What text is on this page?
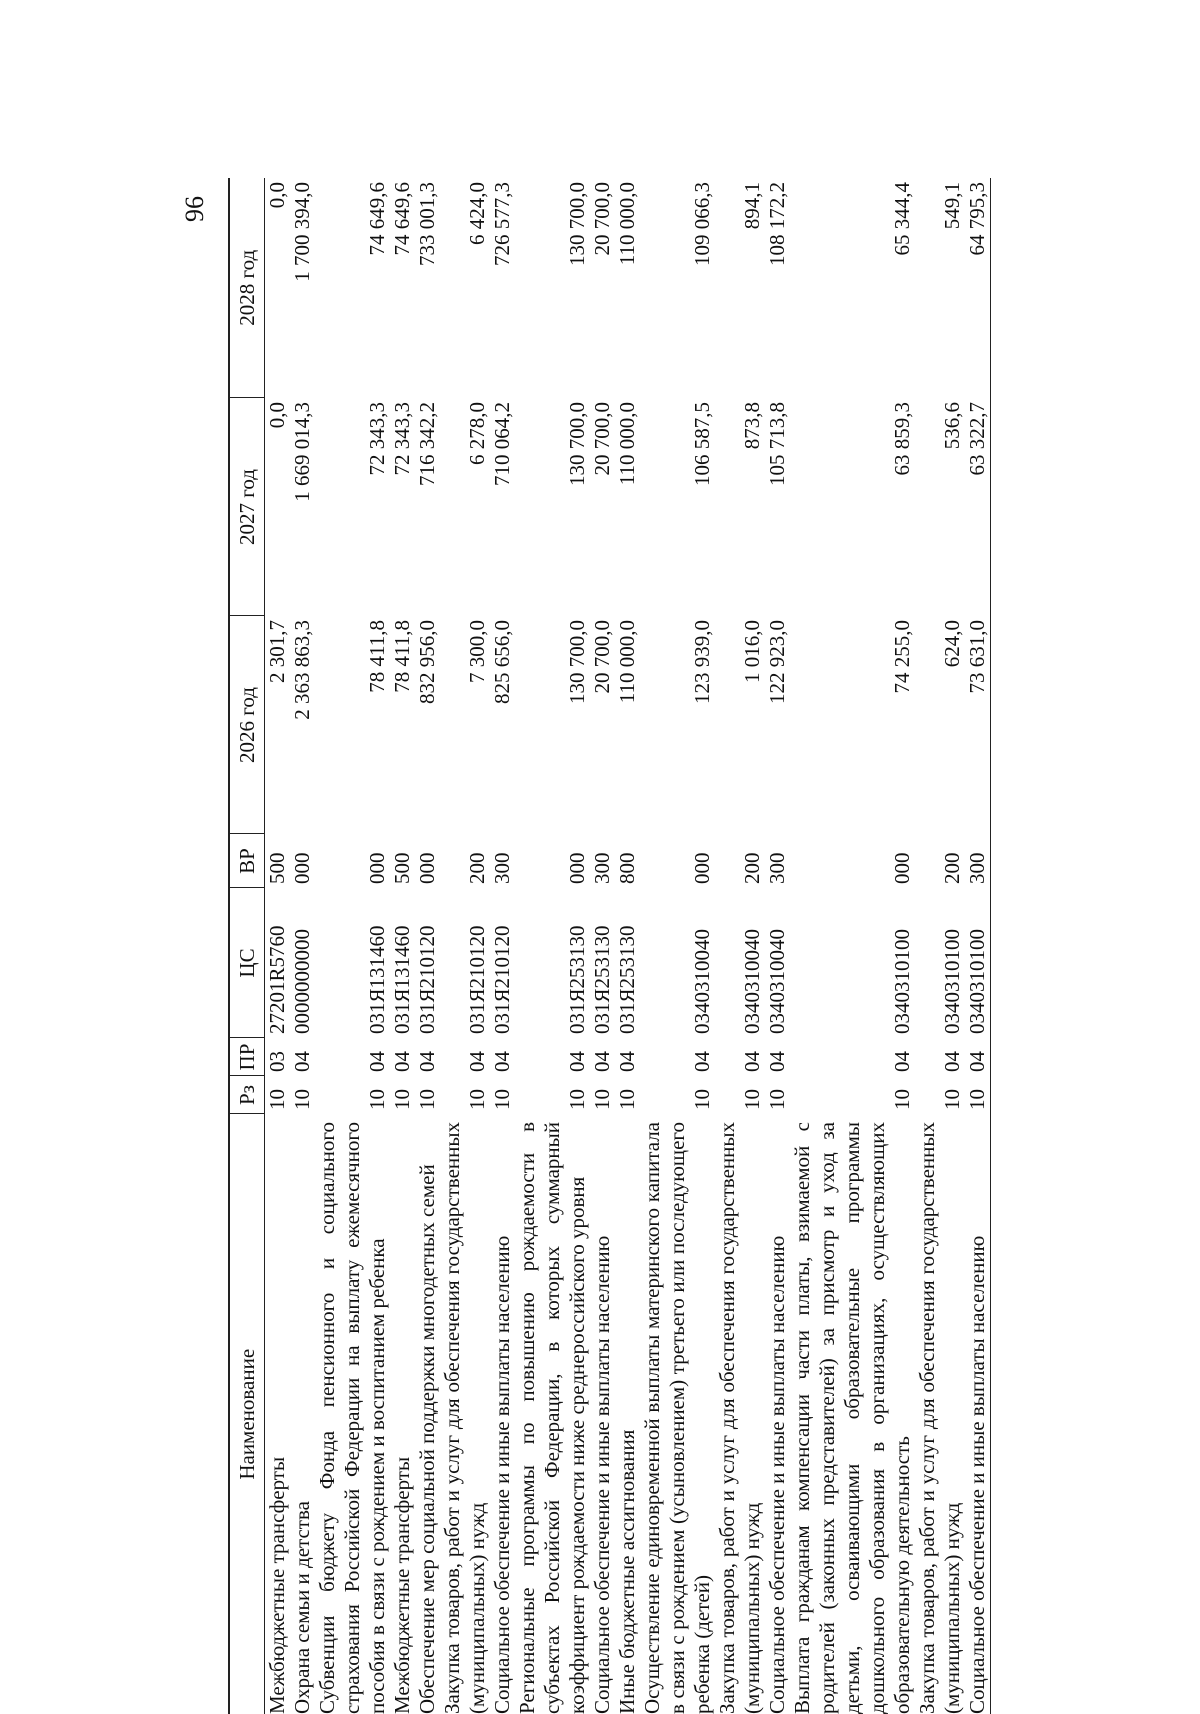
96
Наименование	Рз	ПР	ЦС	ВР	2026 год	2027 год	2028 год
Межбюджетные трансферты	10	03	27201R5760	500	2 301,7	0,0	0,0
Охрана семьи и детства	10	04	0000000000	000	2 363 863,3	1 669 014,3	1 700 394,0
Субвенции бюджету Фонда пенсионного и социального страхования Российской Федерации на выплату ежемесячного пособия в связи с рождением и воспитанием ребенка	10	04	031Я131460	000	78 411,8	72 343,3	74 649,6
Межбюджетные трансферты	10	04	031Я131460	500	78 411,8	72 343,3	74 649,6
Обеспечение мер социальной поддержки многодетных семей	10	04	031Я210120	000	832 956,0	716 342,2	733 001,3
Закупка товаров, работ и услуг для обеспечения государственных (муниципальных) нужд	10	04	031Я210120	200	7 300,0	6 278,0	6 424,0
Социальное обеспечение и иные выплаты населению	10	04	031Я210120	300	825 656,0	710 064,2	726 577,3
Региональные программы по повышению рождаемости в субъектах Российской Федерации, в которых суммарный коэффициент рождаемости ниже среднероссийского уровня	10	04	031Я253130	000	130 700,0	130 700,0	130 700,0
Социальное обеспечение и иные выплаты населению	10	04	031Я253130	300	20 700,0	20 700,0	20 700,0
Иные бюджетные ассигнования	10	04	031Я253130	800	110 000,0	110 000,0	110 000,0
Осуществление единовременной выплаты материнского капитала в связи с рождением (усыновлением) третьего или последующего ребенка (детей)	10	04	0340310040	000	123 939,0	106 587,5	109 066,3
Закупка товаров, работ и услуг для обеспечения государственных (муниципальных) нужд	10	04	0340310040	200	1 016,0	873,8	894,1
Социальное обеспечение и иные выплаты населению	10	04	0340310040	300	122 923,0	105 713,8	108 172,2
Выплата гражданам компенсации части платы, взимаемой с родителей (законных представителей) за присмотр и уход за детьми, осваивающими образовательные программы дошкольного образования в организациях, осуществляющих образовательную деятельность	10	04	0340310100	000	74 255,0	63 859,3	65 344,4
Закупка товаров, работ и услуг для обеспечения государственных (муниципальных) нужд	10	04	0340310100	200	624,0	536,6	549,1
Социальное обеспечение и иные выплаты населению	10	04	0340310100	300	73 631,0	63 322,7	64 795,3
